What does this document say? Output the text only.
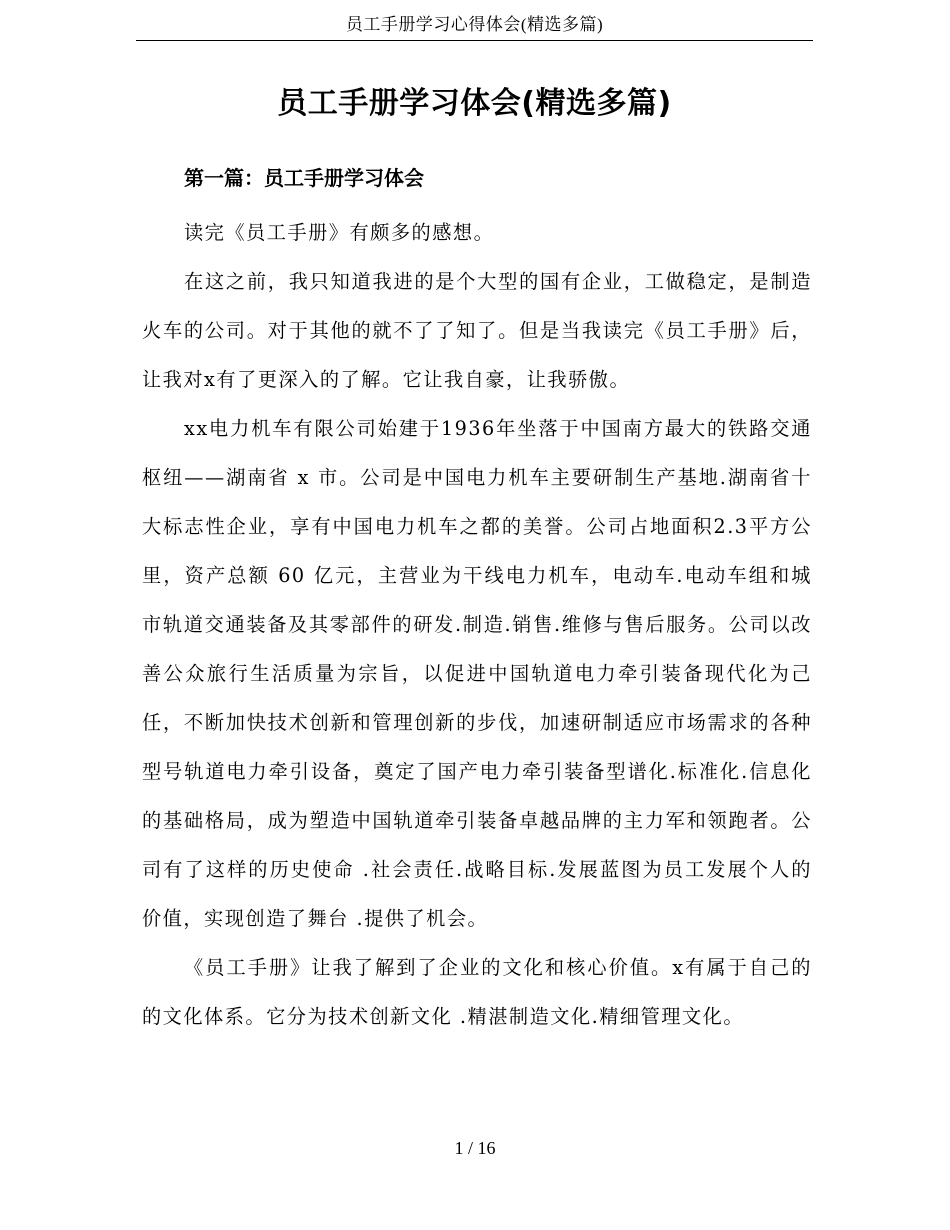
员工手册学习心得体会(精选多篇)
员工手册学习体会(精选多篇)
第一篇：员工手册学习体会

读完《员工手册》有颇多的感想。

在这之前，我只知道我进的是个大型的国有企业，工做稳定，是制造火车的公司。对于其他的就不了了知了。但是当我读完《员工手册》后，让我对x有了更深入的了解。它让我自豪，让我骄傲。

xx电力机车有限公司始建于1936年坐落于中国南方最大的铁路交通枢纽——湖南省 x 市。公司是中国电力机车主要研制生产基地.湖南省十大标志性企业，享有中国电力机车之都的美誉。公司占地面积2.3平方公里，资产总额 60 亿元，主营业为干线电力机车，电动车.电动车组和城市轨道交通装备及其零部件的研发.制造.销售.维修与售后服务。公司以改善公众旅行生活质量为宗旨，以促进中国轨道电力牵引装备现代化为己任，不断加快技术创新和管理创新的步伐，加速研制适应市场需求的各种型号轨道电力牵引设备，奠定了国产电力牵引装备型谱化.标准化.信息化的基础格局，成为塑造中国轨道牵引装备卓越品牌的主力军和领跑者。公司有了这样的历史使命 .社会责任.战略目标.发展蓝图为员工发展个人的价值，实现创造了舞台 .提供了机会。

《员工手册》让我了解到了企业的文化和核心价值。x有属于自己的的文化体系。它分为技术创新文化 .精湛制造文化.精细管理文化。

1 / 16
